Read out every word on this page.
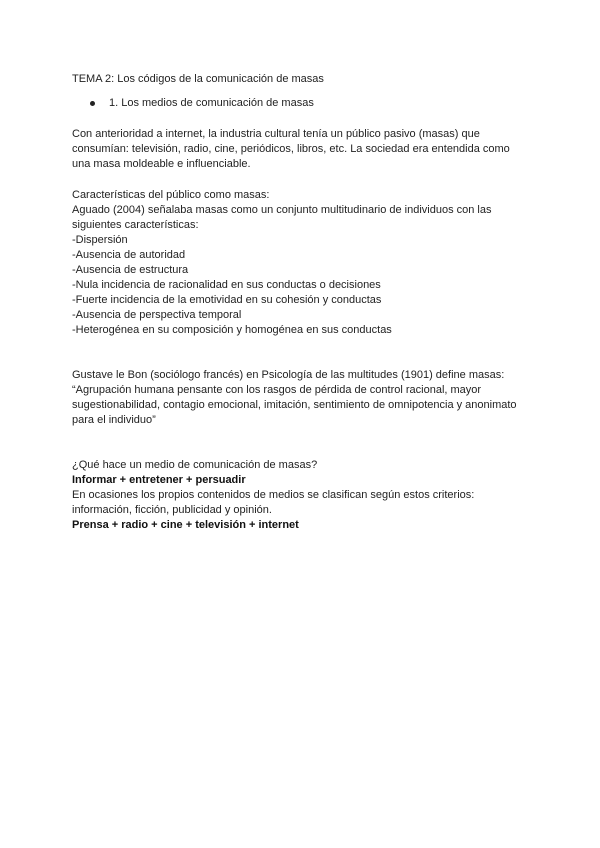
TEMA 2: Los códigos de la comunicación de masas
1. Los medios de comunicación de masas
Con anterioridad a internet, la industria cultural tenía un público pasivo (masas) que
consumían: televisión, radio, cine, periódicos, libros, etc. La sociedad era entendida como
una masa moldeable e influenciable.
Características del público como masas:
Aguado (2004) señalaba masas como un conjunto multitudinario de individuos con las
siguientes características:
-Dispersión
-Ausencia de autoridad
-Ausencia de estructura
-Nula incidencia de racionalidad en sus conductas o decisiones
-Fuerte incidencia de la emotividad en su cohesión y conductas
-Ausencia de perspectiva temporal
-Heterogénea en su composición y homogénea en sus conductas
Gustave le Bon (sociólogo francés) en Psicología de las multitudes (1901) define masas:
“Agrupación humana pensante con los rasgos de pérdida de control racional, mayor
sugestionabilidad, contagio emocional, imitación, sentimiento de omnipotencia y anonimato
para el individuo”
¿Qué hace un medio de comunicación de masas?
Informar + entretener + persuadir
En ocasiones los propios contenidos de medios se clasifican según estos criterios:
información, ficción, publicidad y opinión.
Prensa + radio + cine + televisión + internet
